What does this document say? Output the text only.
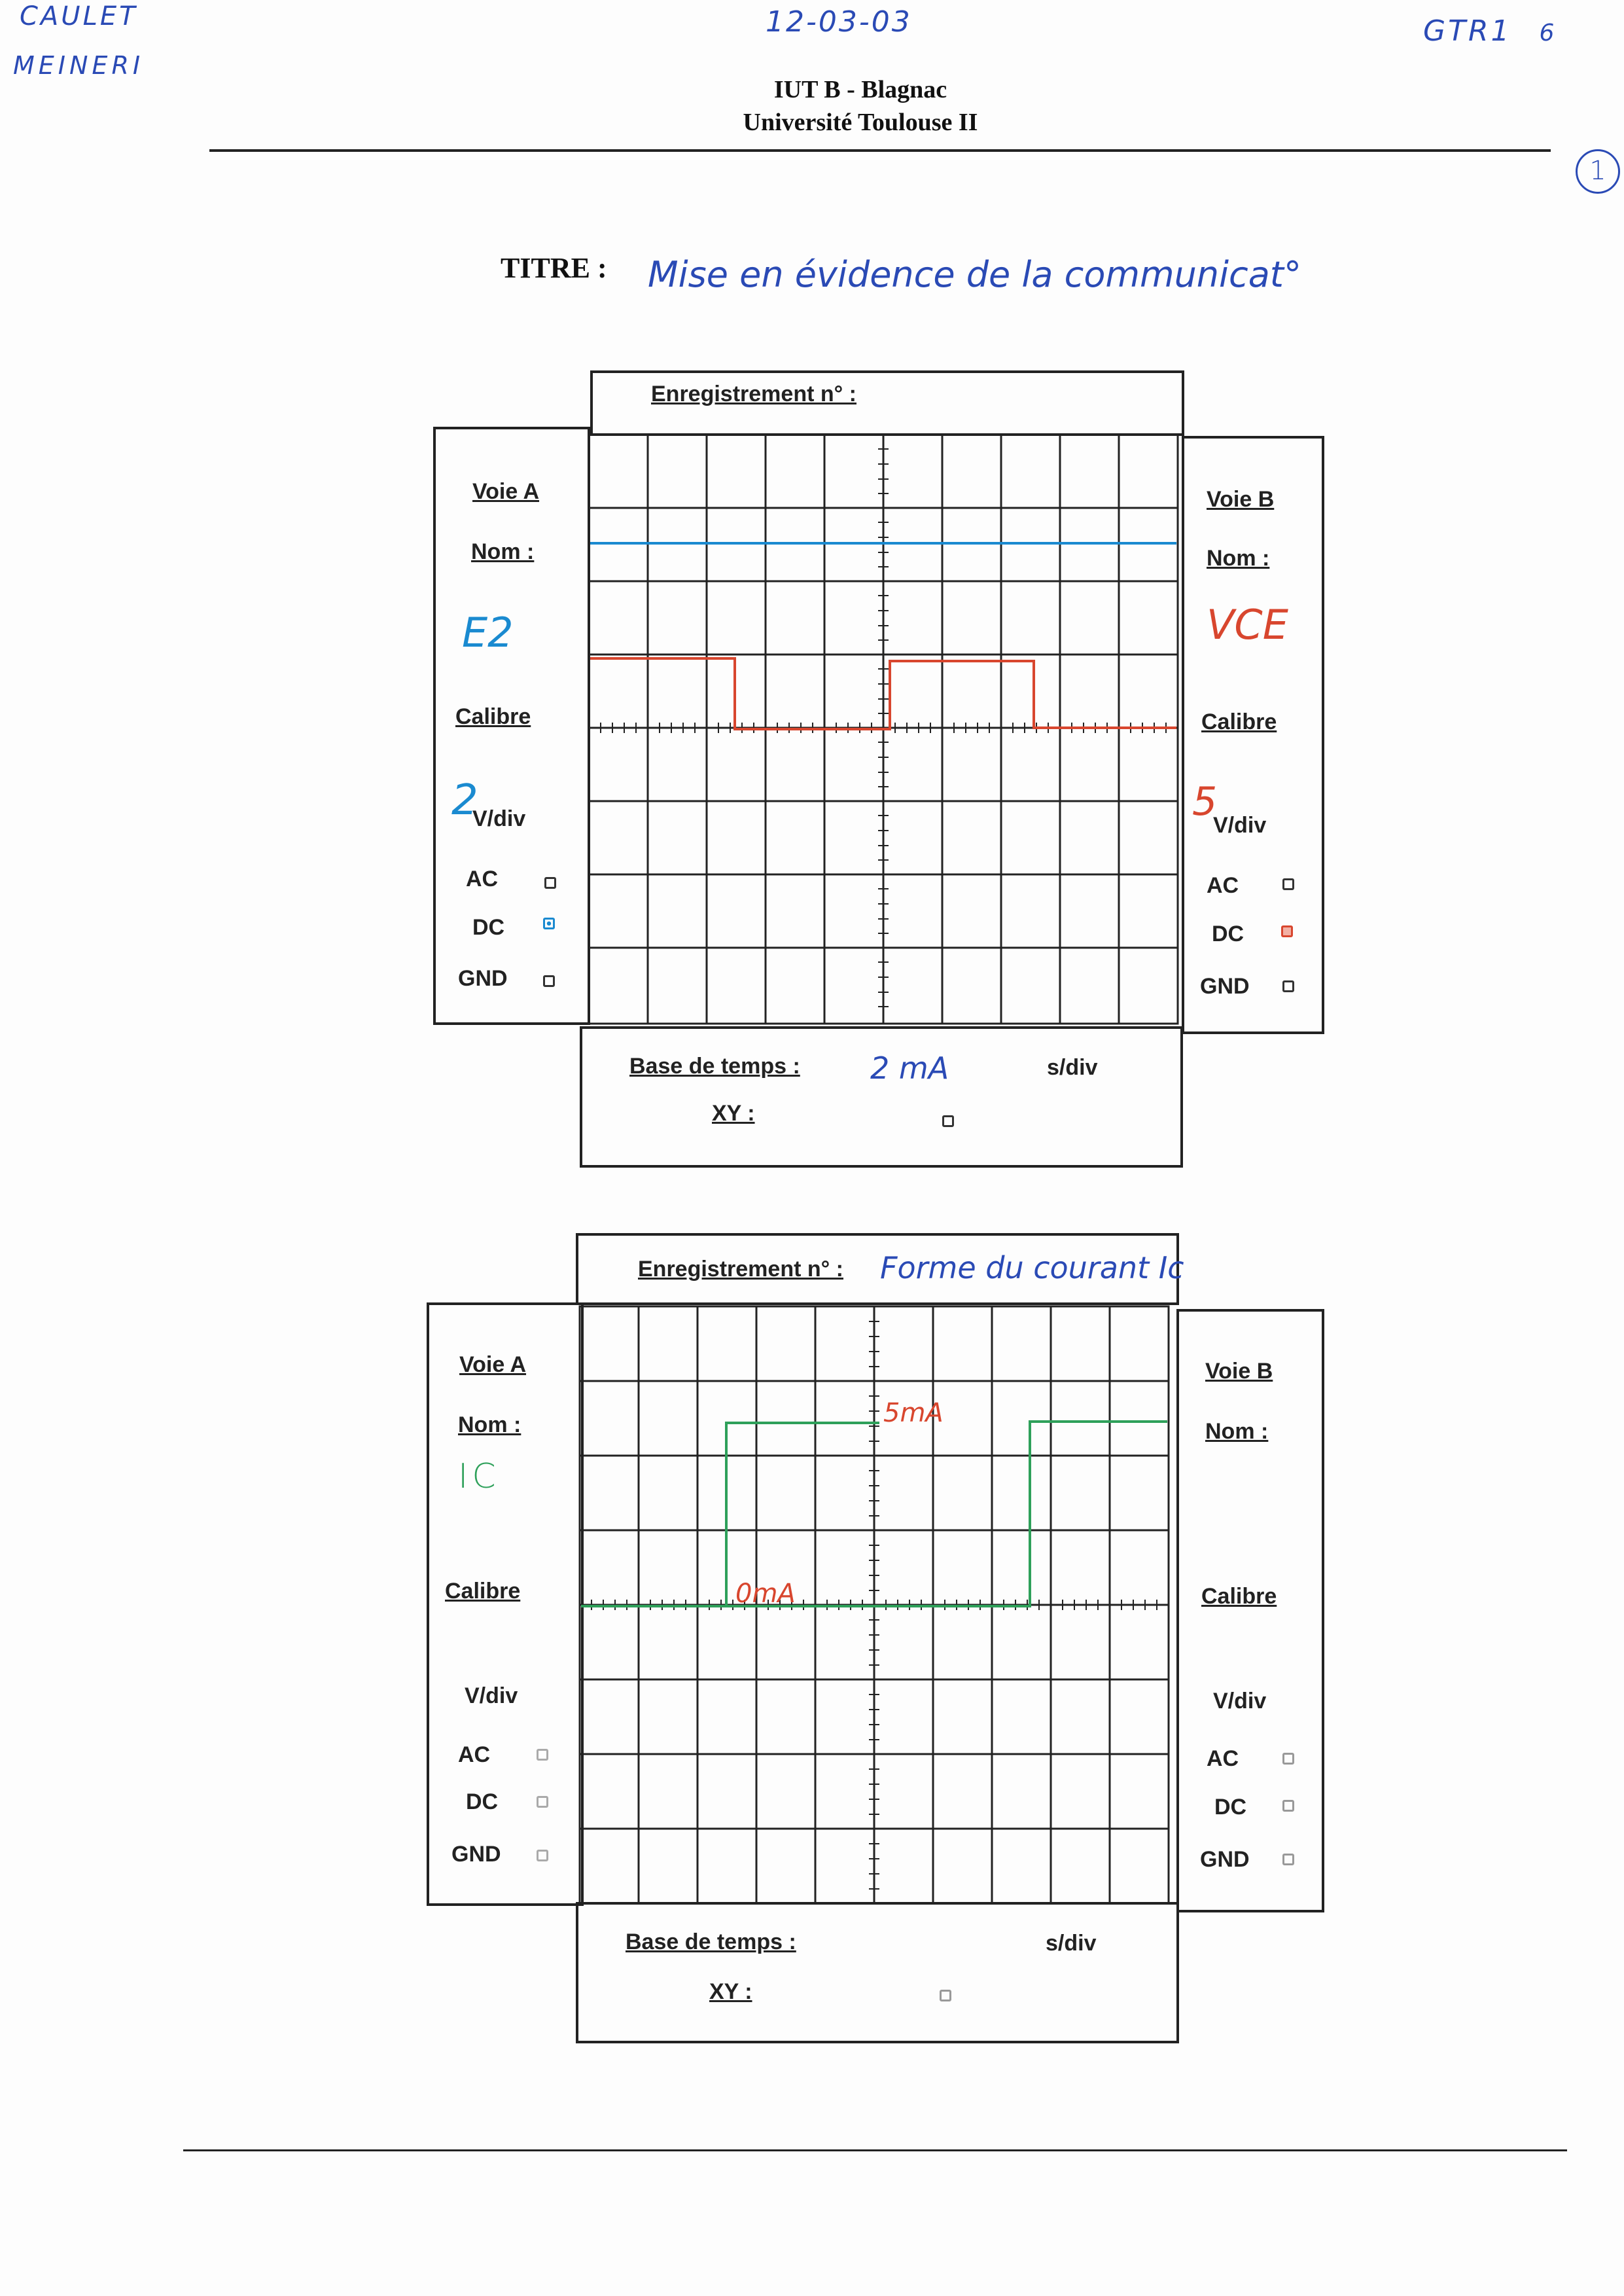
CAULET
MEINERI
12-03-03	GTR1 6
IUT B - Blagnac
Université Toulouse II
1
TITRE : Mise en évidence de la communicat°
Enregistrement n° :
Voie A
Nom :
E2
Calibre
2
V/div
AC
DC
GND
Voie B
Nom :
VCE
Calibre
5
V/div
AC
DC
GND
Base de temps : 2 mA	s/div
XY :
Enregistrement n° : Forme du courant Ic
5mA
0mA
Voie A
Nom :
IC
Calibre
V/div
AC
DC
GND
Voie B
Nom :
Calibre
V/div
AC
DC
GND
Base de temps :	s/div
XY :
